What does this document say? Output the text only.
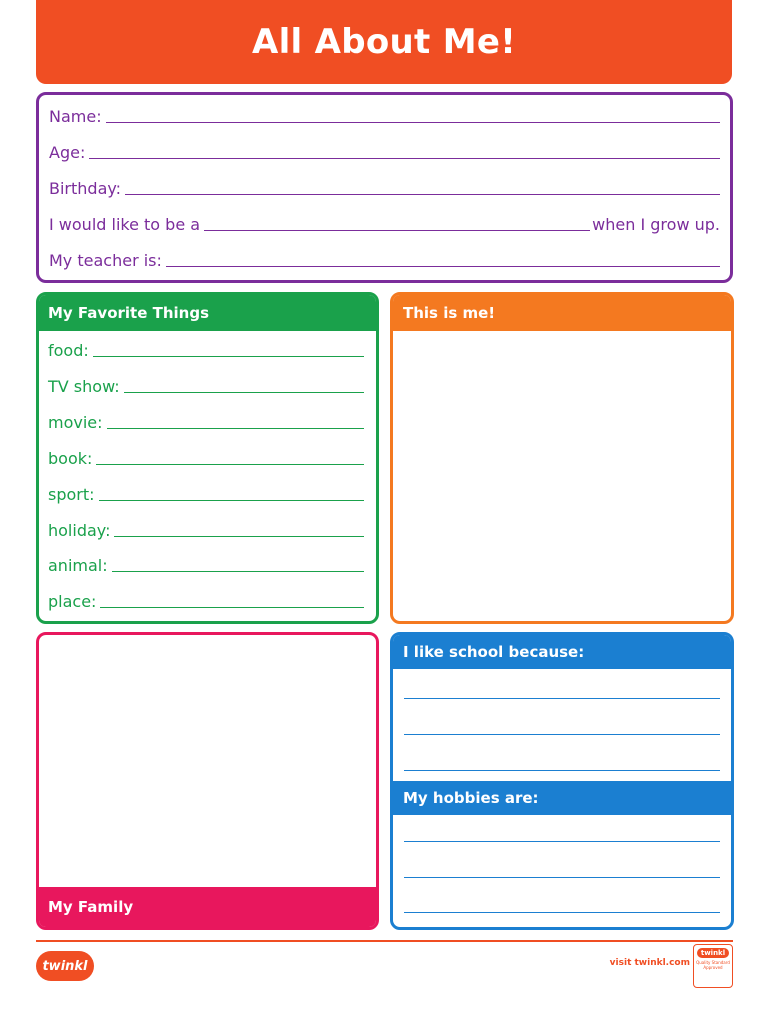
All About Me!
Name:
Age:
Birthday:
I would like to be a	when I grow up.
My teacher is:
My Favorite Things
food:
TV show:
movie:
book:
sport:
holiday:
animal:
place:
This is me!
My Family
I like school because:
My hobbies are:
twinkl	visit twinkl.com
twinkl
Quality Standard Approved
